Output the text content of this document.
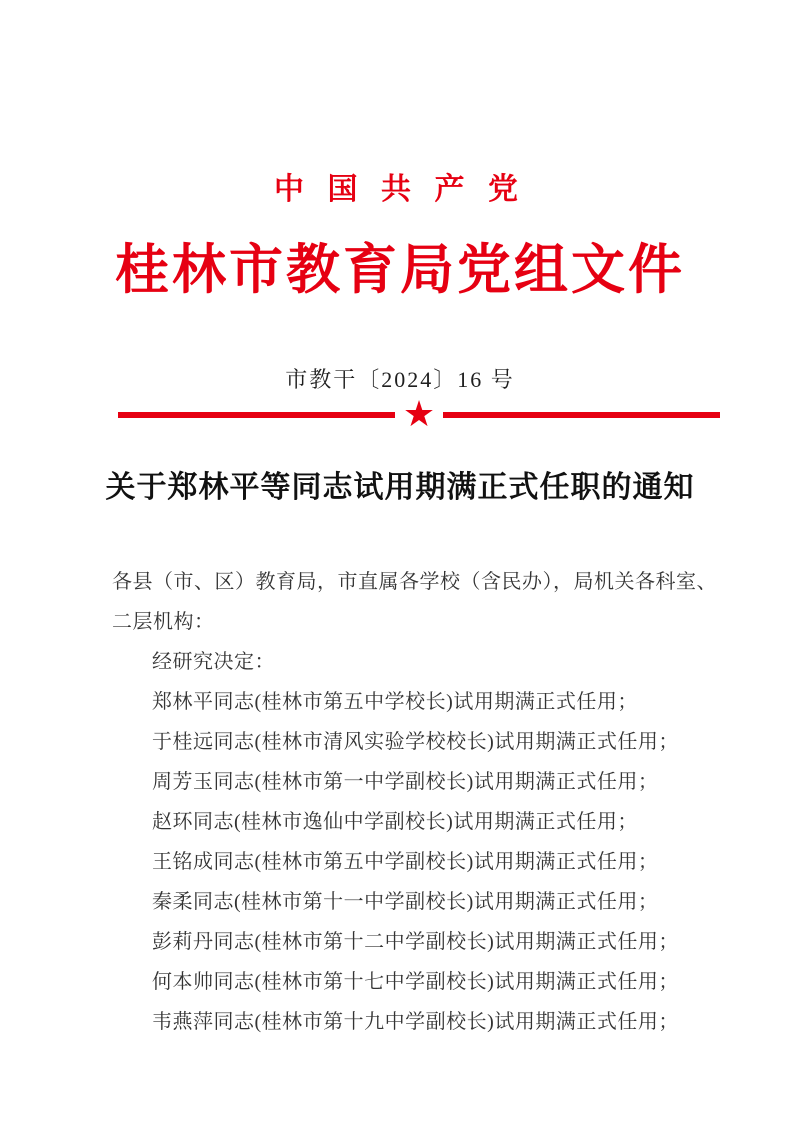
中 国 共 产 党
桂林市教育局党组文件
市教干〔2024〕16 号
★
关于郑林平等同志试用期满正式任职的通知

各县（市、区）教育局，市直属各学校（含民办），局机关各科室、

二层机构：

经研究决定：

郑林平同志(桂林市第五中学校长)试用期满正式任用；

于桂远同志(桂林市清风实验学校校长)试用期满正式任用；

周芳玉同志(桂林市第一中学副校长)试用期满正式任用；

赵环同志(桂林市逸仙中学副校长)试用期满正式任用；

王铭成同志(桂林市第五中学副校长)试用期满正式任用；

秦柔同志(桂林市第十一中学副校长)试用期满正式任用；

彭莉丹同志(桂林市第十二中学副校长)试用期满正式任用；

何本帅同志(桂林市第十七中学副校长)试用期满正式任用；

韦燕萍同志(桂林市第十九中学副校长)试用期满正式任用；
